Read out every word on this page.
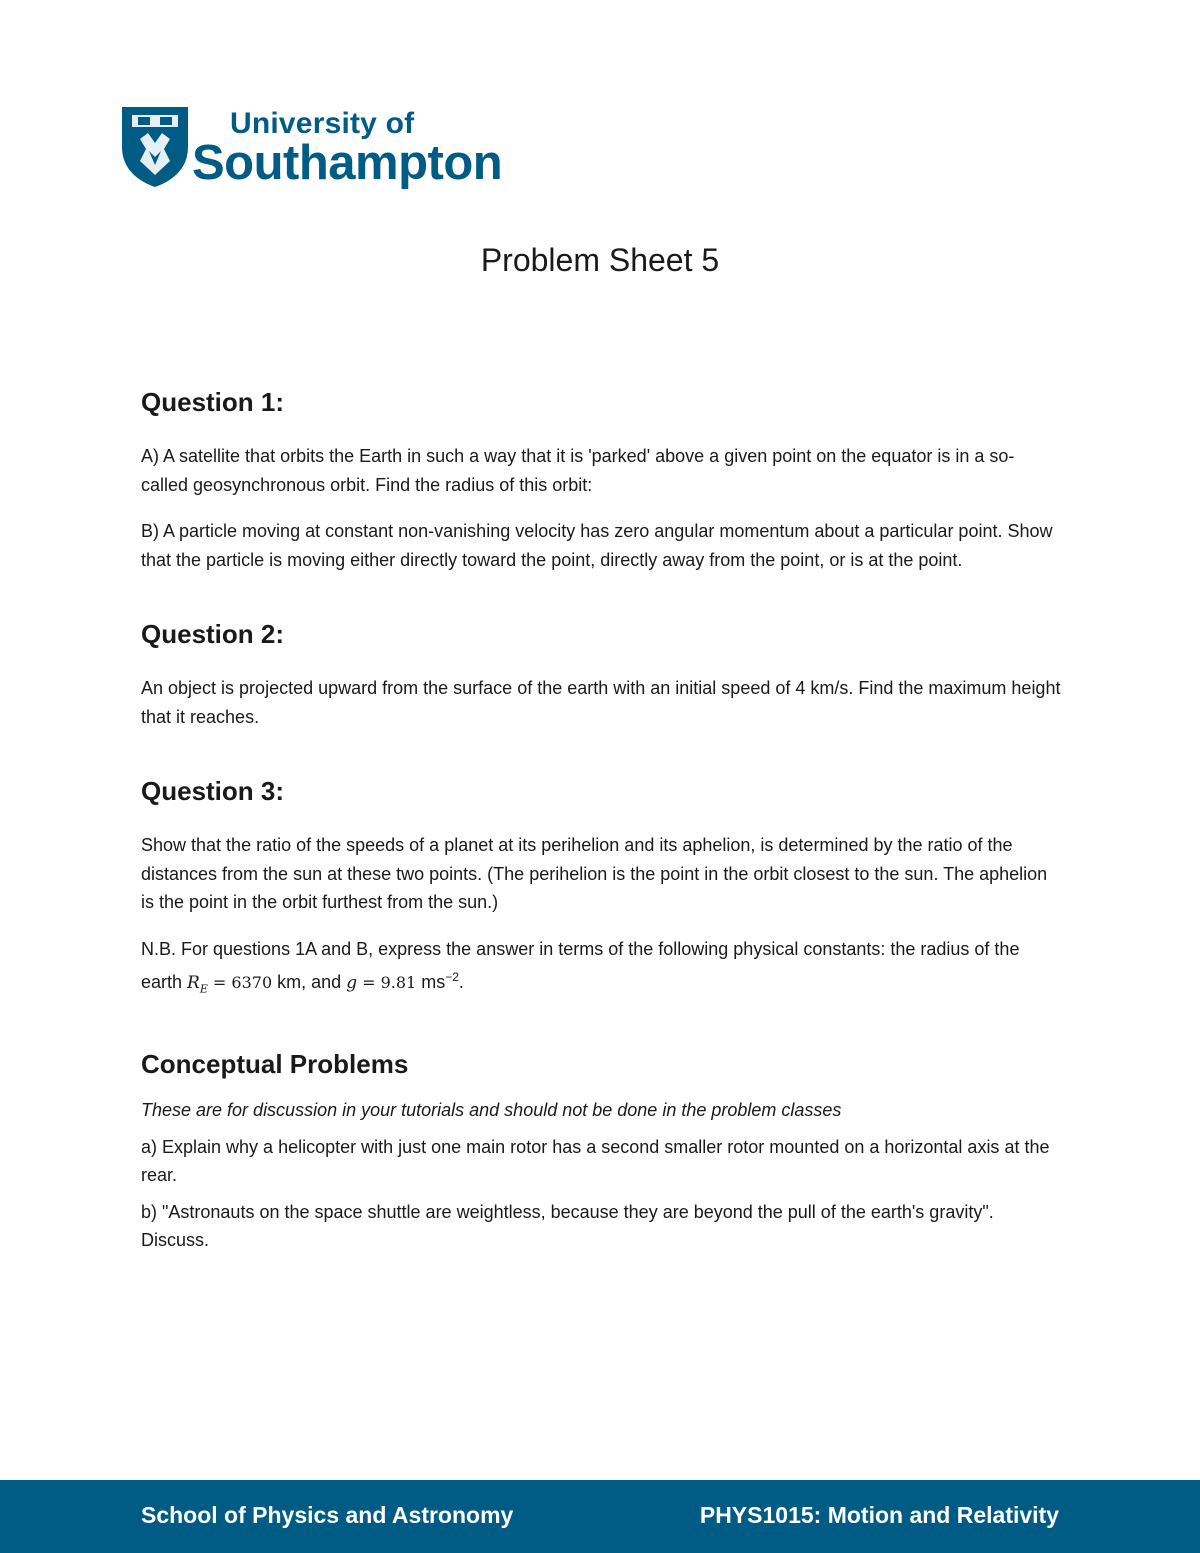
University of
Southampton
Problem Sheet 5
Question 1:

A) A satellite that orbits the Earth in such a way that it is 'parked' above a given point on the equator is in a so-called geosynchronous orbit. Find the radius of this orbit:

B) A particle moving at constant non-vanishing velocity has zero angular momentum about a particular point. Show that the particle is moving either directly toward the point, directly away from the point, or is at the point.

Question 2:

An object is projected upward from the surface of the earth with an initial speed of 4 km/s. Find the maximum height that it reaches.

Question 3:

Show that the ratio of the speeds of a planet at its perihelion and its aphelion, is determined by the ratio of the distances from the sun at these two points. (The perihelion is the point in the orbit closest to the sun. The aphelion is the point in the orbit furthest from the sun.)

N.B. For questions 1A and B, express the answer in terms of the following physical constants: the radius of the earth $R_E = 6370$ km, and g = 9.81 $ms^{-2}$.

Conceptual Problems

These are for discussion in your tutorials and should not be done in the problem classes

a) Explain why a helicopter with just one main rotor has a second smaller rotor mounted on a horizontal axis at the rear.

b) "Astronauts on the space shuttle are weightless, because they are beyond the pull of the earth's gravity". Discuss.

School of Physics and Astronomy	PHYS1015: Motion and Relativity
